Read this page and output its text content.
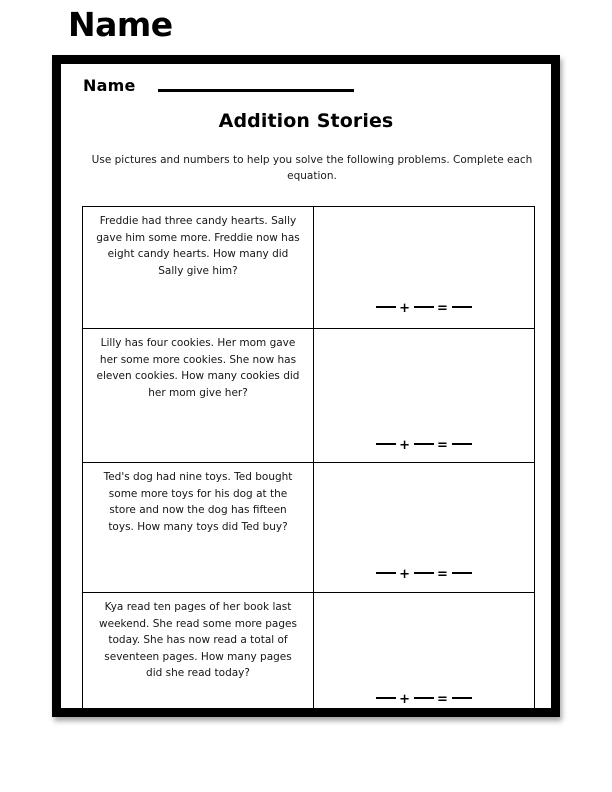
Name
Name
Addition Stories
Use pictures and numbers to help you solve the following problems. Complete each equation.
Freddie had three candy hearts. Sally gave him some more. Freddie now has eight candy hearts. How many did Sally give him?	+ =

Lilly has four cookies. Her mom gave her some more cookies. She now has eleven cookies. How many cookies did her mom give her?	+ =

Ted's dog had nine toys. Ted bought some more toys for his dog at the store and now the dog has fifteen toys. How many toys did Ted buy?	+ =

Kya read ten pages of her book last weekend. She read some more pages today. She has now read a total of seventeen pages. How many pages did she read today?	+ =
